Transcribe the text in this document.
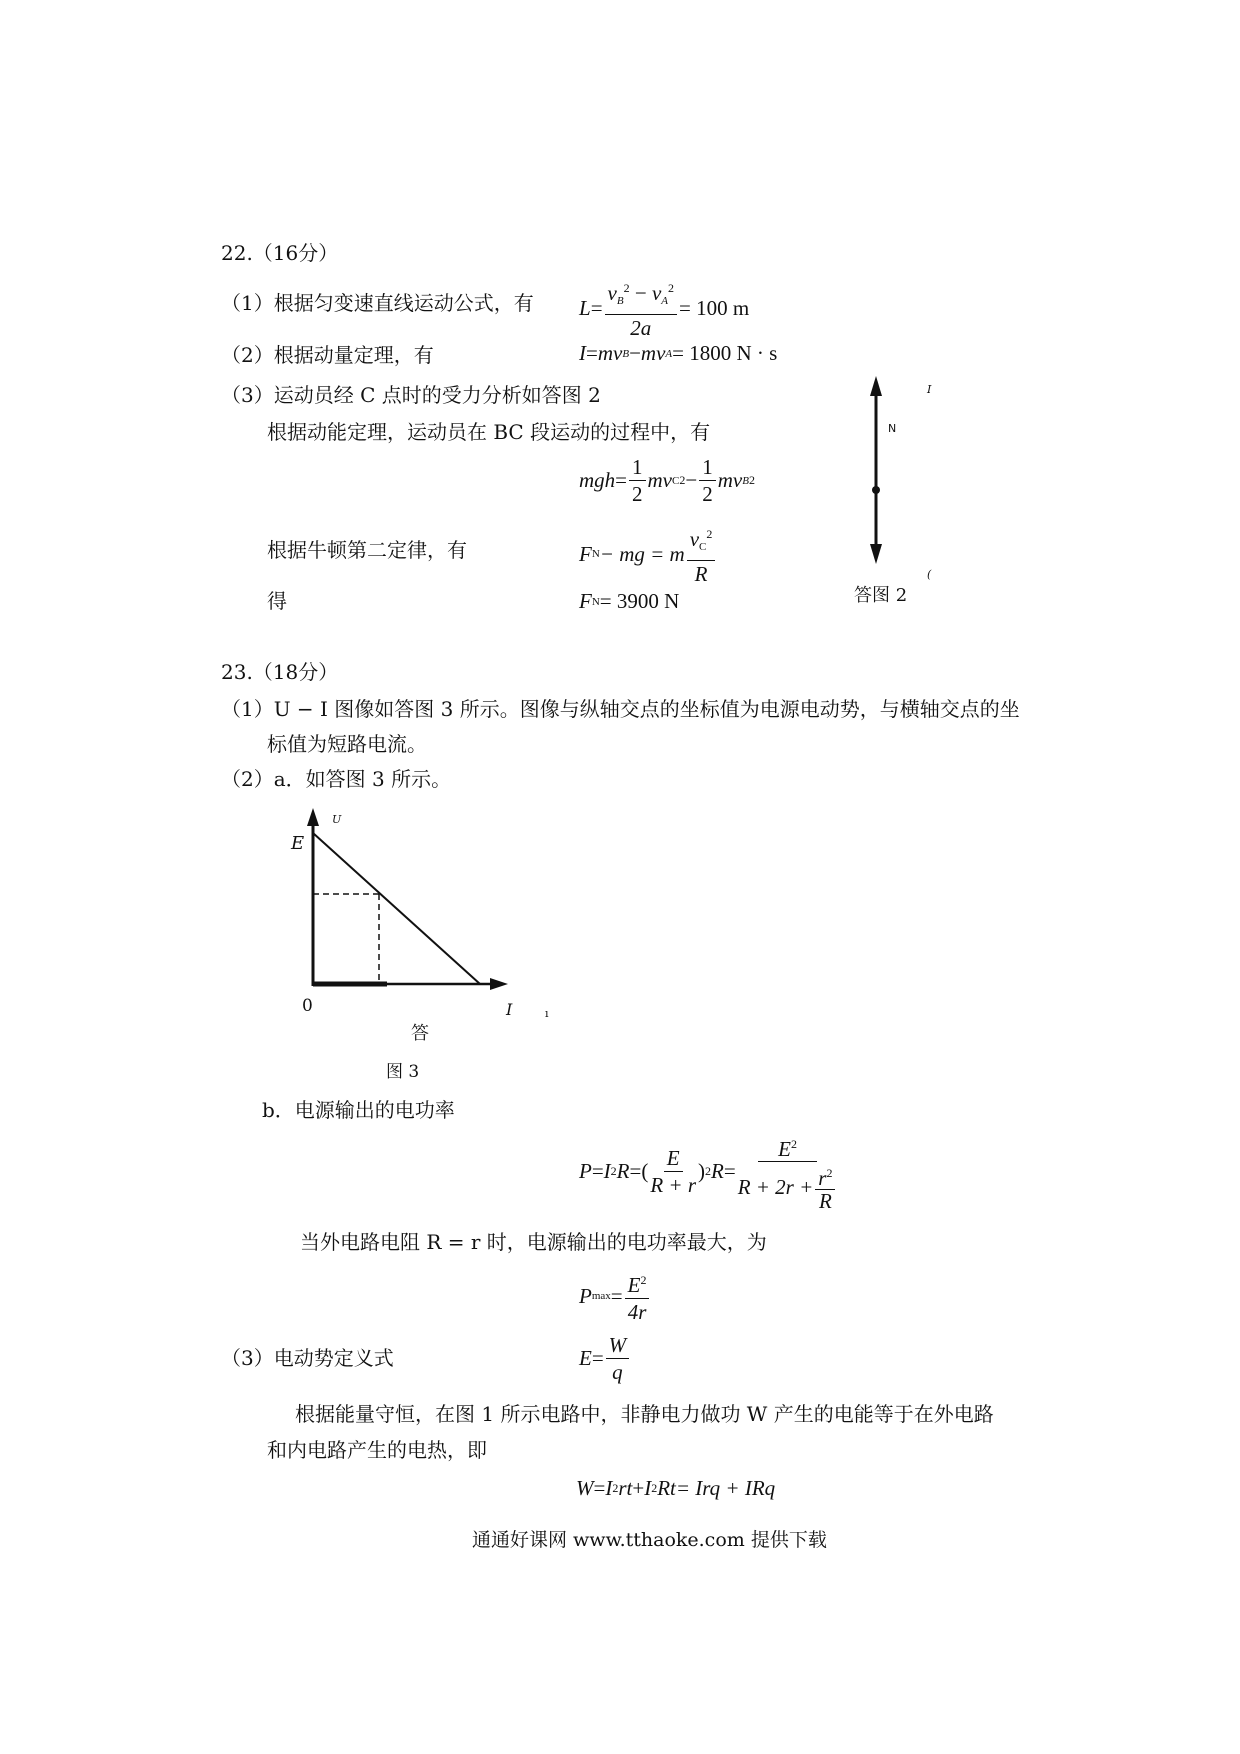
22.（16分）
（1）根据匀变速直线运动公式，有 $L = \frac{v_B^2 - v_A^2}{2a} = 100$ m
（2）根据动量定理，有	I = mv B − mv A = 1800 N · s
（3）运动员经 C 点时的受力分析如答图 2
根据动能定理，运动员在 BC 段运动的过程中，有
mgh = $\frac{1}{2}$ mv C $2 - \frac{1}{2}$ mv B 2
根据牛顿第二定律，有	F N − mg = m $\frac{v_C^2}{R}$
得	F N = 3900 N
I
N
(
答图 2
23.（18分）
（1）U − I 图像如答图 3 所示。图像与纵轴交点的坐标值为电源电动势，与横轴交点的坐
标值为短路电流。
（2）a．如答图 3 所示。
U
E
0	I	ı
答
图 3
b．电源输出的电功率
P = I 2 R = ( $\frac{E}{R + r}$ ) 2 $R = \frac{E^2}{R + 2r + \frac{r^2}{R}}$
当外电路电阻 R = r 时，电源输出的电功率最大，为
P $\max = \frac{E^2}{4r}$
（3）电动势定义式	$E = \frac{W}{q}$
根据能量守恒，在图 1 所示电路中，非静电力做功 W 产生的电能等于在外电路
和内电路产生的电热，即
W = I 2 rt + I 2 Rt = Irq + IRq
通通好课网 www.tthaoke.com 提供下载
